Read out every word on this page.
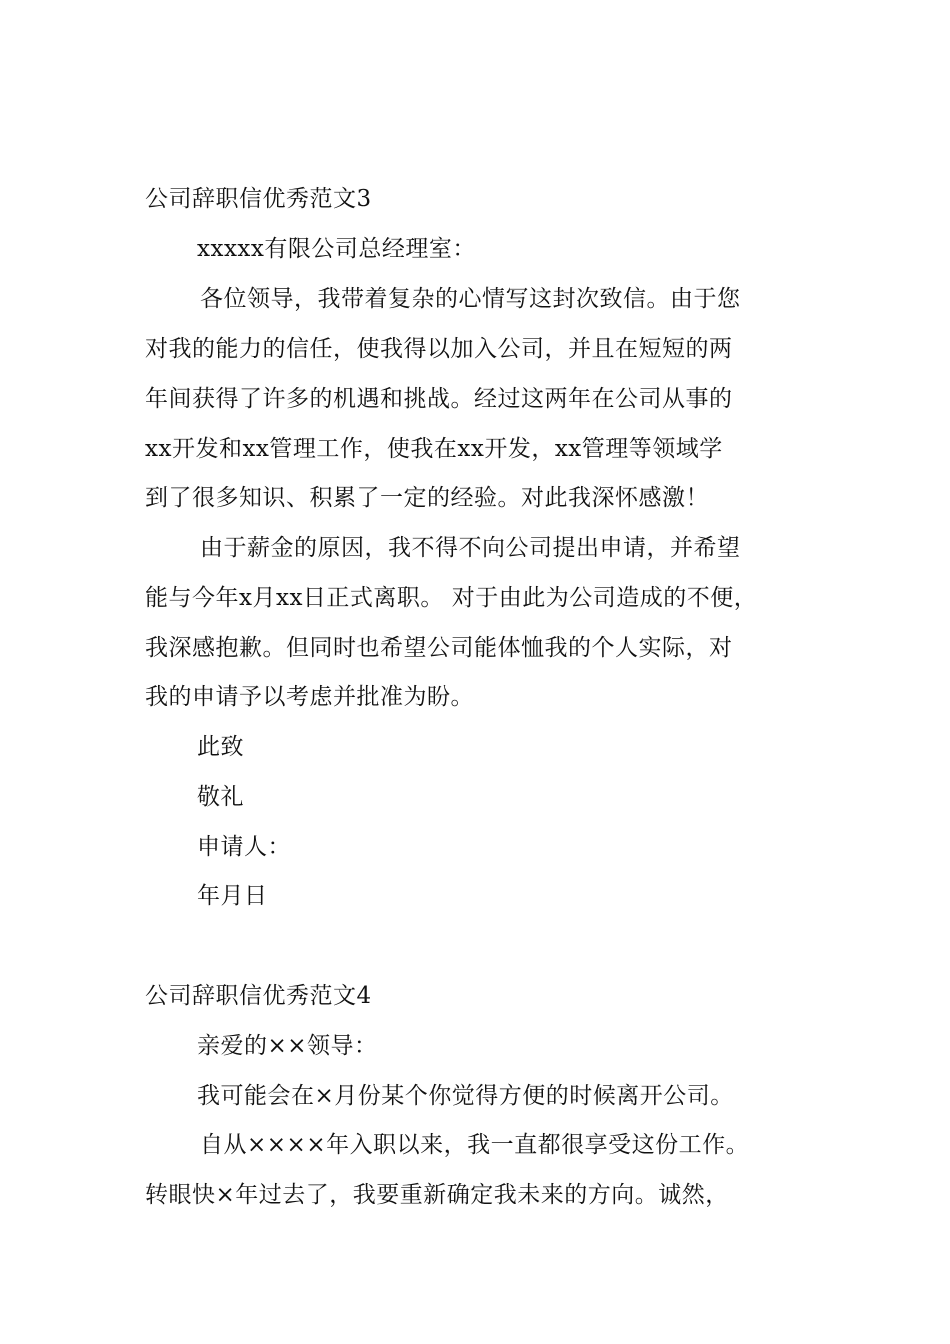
公司辞职信优秀范文3
xxxxx有限公司总经理室：
各位领导，我带着复杂的心情写这封次致信。由于您
对我的能力的信任，使我得以加入公司，并且在短短的两
年间获得了许多的机遇和挑战。经过这两年在公司从事的
xx开发和xx管理工作，使我在xx开发，xx管理等领域学
到了很多知识、积累了一定的经验。对此我深怀感激！
由于薪金的原因，我不得不向公司提出申请，并希望
能与今年x月xx日正式离职。 对于由此为公司造成的不便，
我深感抱歉。但同时也希望公司能体恤我的个人实际，对
我的申请予以考虑并批准为盼。
此致
敬礼
申请人：
年月日
公司辞职信优秀范文4
亲爱的××领导：
我可能会在×月份某个你觉得方便的时候离开公司。
自从××××年入职以来，我一直都很享受这份工作。
转眼快×年过去了，我要重新确定我未来的方向。诚然，
